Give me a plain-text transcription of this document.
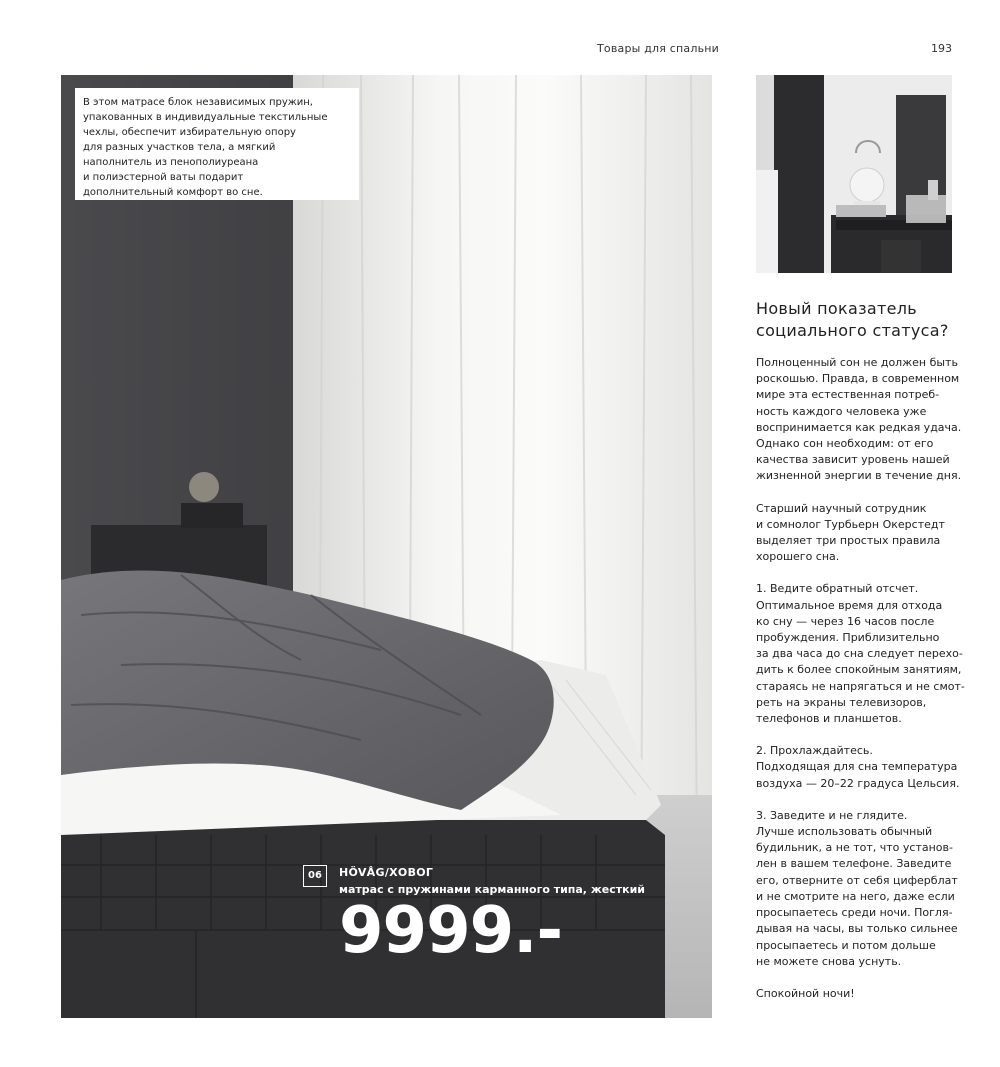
Товары для спальни	193
В этом матрасе блок независимых пружин,
упакованных в индивидуальные текстильные
чехлы, обеспечит избирательную опору
для разных участков тела, а мягкий
наполнитель из пенополиуреана
и полиэстерной ваты подарит
дополнительный комфорт во сне.
06	HÖVÅG/ХОВОГ
матрас с пружинами карманного типа, жесткий
9999.-
Новый показатель
социального статуса?

Полноценный сон не должен быть
роскошью. Правда, в современном
мире эта естественная потреб-
ность каждого человека уже
воспринимается как редкая удача.
Однако сон необходим: от его
качества зависит уровень нашей
жизненной энергии в течение дня.

Старший научный сотрудник
и сомнолог Турбьерн Окерстедт
выделяет три простых правила
хорошего сна.

1. Ведите обратный отсчет.
Оптимальное время для отхода
ко сну — через 16 часов после
пробуждения. Приблизительно
за два часа до сна следует перехо-
дить к более спокойным занятиям,
стараясь не напрягаться и не смот-
реть на экраны телевизоров,
телефонов и планшетов.

2. Прохлаждайтесь.
Подходящая для сна температура
воздуха — 20–22 градуса Цельсия.

3. Заведите и не глядите.
Лучше использовать обычный
будильник, а не тот, что установ-
лен в вашем телефоне. Заведите
его, отверните от себя циферблат
и не смотрите на него, даже если
просыпаетесь среди ночи. Погля-
дывая на часы, вы только сильнее
просыпаетесь и потом дольше
не можете снова уснуть.

Спокойной ночи!
